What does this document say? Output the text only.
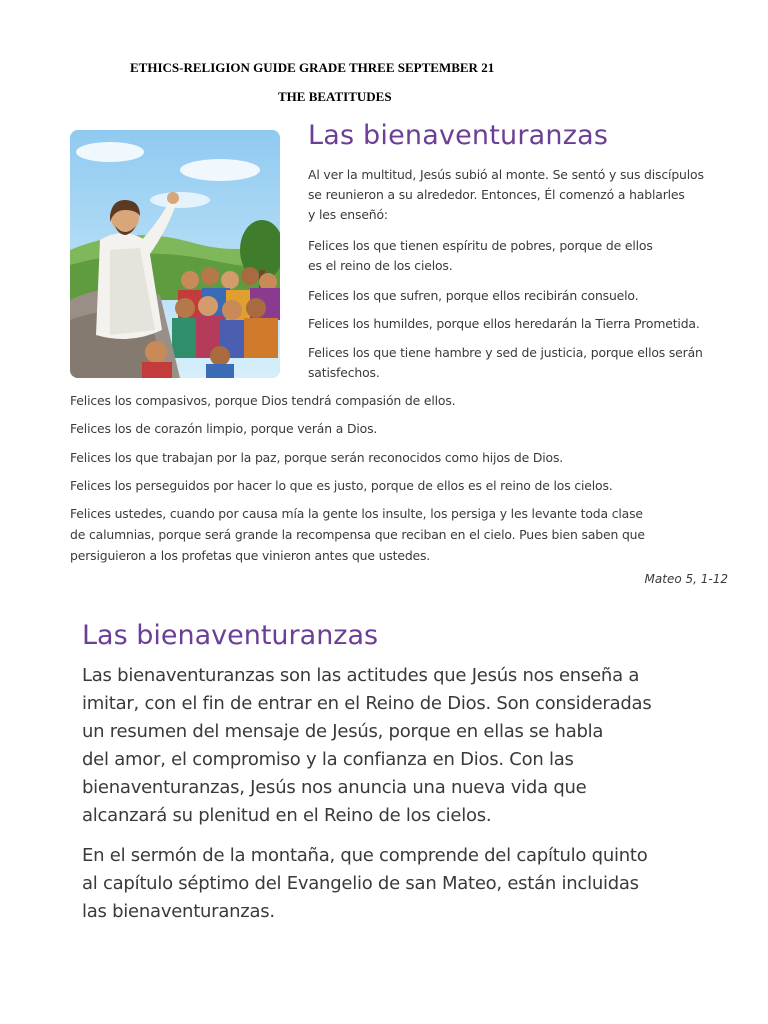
ETHICS-RELIGION GUIDE GRADE THREE SEPTEMBER 21
THE BEATITUDES
Las bienaventuranzas
Al ver la multitud, Jesús subió al monte. Se sentó y sus discípulos
se reunieron a su alrededor. Entonces, Él comenzó a hablarles
y les enseñó:
Felices los que tienen espíritu de pobres, porque de ellos
es el reino de los cielos.
Felices los que sufren, porque ellos recibirán consuelo.
Felices los humildes, porque ellos heredarán la Tierra Prometida.
Felices los que tiene hambre y sed de justicia, porque ellos serán
satisfechos.
Felices los compasivos, porque Dios tendrá compasión de ellos.
Felices los de corazón limpio, porque verán a Dios.
Felices los que trabajan por la paz, porque serán reconocidos como hijos de Dios.
Felices los perseguidos por hacer lo que es justo, porque de ellos es el reino de los cielos.
Felices ustedes, cuando por causa mía la gente los insulte, los persiga y les levante toda clase
de calumnias, porque será grande la recompensa que reciban en el cielo. Pues bien saben que
persiguieron a los profetas que vinieron antes que ustedes.
Mateo 5, 1-12
Las bienaventuranzas
Las bienaventuranzas son las actitudes que Jesús nos enseña a
imitar, con el fin de entrar en el Reino de Dios. Son consideradas
un resumen del mensaje de Jesús, porque en ellas se habla
del amor, el compromiso y la confianza en Dios. Con las
bienaventuranzas, Jesús nos anuncia una nueva vida que
alcanzará su plenitud en el Reino de los cielos.
En el sermón de la montaña, que comprende del capítulo quinto
al capítulo séptimo del Evangelio de san Mateo, están incluidas
las bienaventuranzas.
